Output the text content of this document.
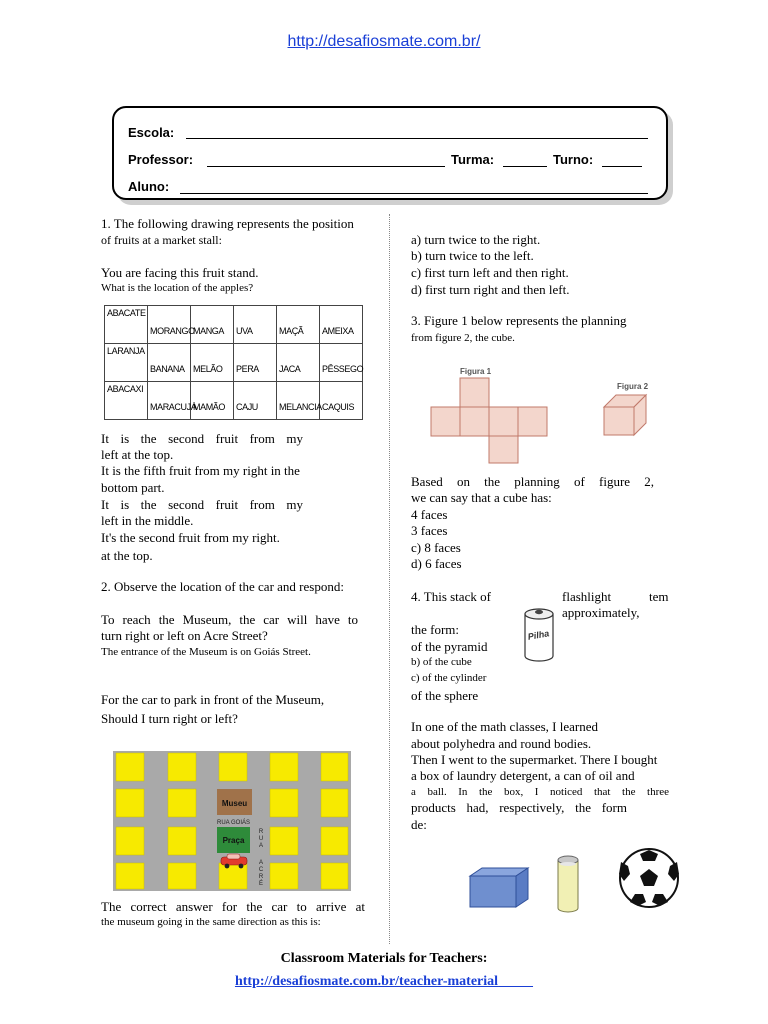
http://desafiosmate.com.br/
Escola:
Professor:	Turma:	Turno:
Aluno:
1. The following drawing represents the position
of fruits at a market stall:
You are facing this fruit stand.
What is the location of the apples?
ABACATE	MORANGO	MANGA	UVA	MAÇÃ	AMEIXA

LARANJA	BANANA	MELÃO	PERA	JACA	PÊSSEGO

ABACAXI	MARACUJÁ	MAMÃO	CAJU	MELANCIA	CAQUIS
It is the second fruit from my
left at the top.
It is the fifth fruit from my right in the
bottom part.
It is the second fruit from my
left in the middle.
It's the second fruit from my right.
at the top.
2. Observe the location of the car and respond:
To reach the Museum, the car will have to
turn right or left on Acre Street?
The entrance of the Museum is on Goiás Street.
For the car to park in front of the Museum,
Should I turn right or left?
Museu
RUA GOIÁS
Praça
R
U
A
A
C
R
É
The correct answer for the car to arrive at
the museum going in the same direction as this is:
a) turn twice to the right.
b) turn twice to the left.
c) first turn left and then right.
d) first turn right and then left.
3. Figure 1 below represents the planning
from figure 2, the cube.
Figura 1
Figura 2
Based on the planning of figure 2,
we can say that a cube has:
4 faces
3 faces
c) 8 faces
d) 6 faces
4. This stack of	flashlight	tem
approximately,
the form:	Pilha
of the pyramid
b) of the cube
c) of the cylinder
of the sphere
In one of the math classes, I learned
about polyhedra and round bodies.
Then I went to the supermarket. There I bought
a box of laundry detergent, a can of oil and
a ball. In the box, I noticed that the three
products had, respectively, the form
de:
Classroom Materials for Teachers:
http://desafiosmate.com.br/teacher-material
